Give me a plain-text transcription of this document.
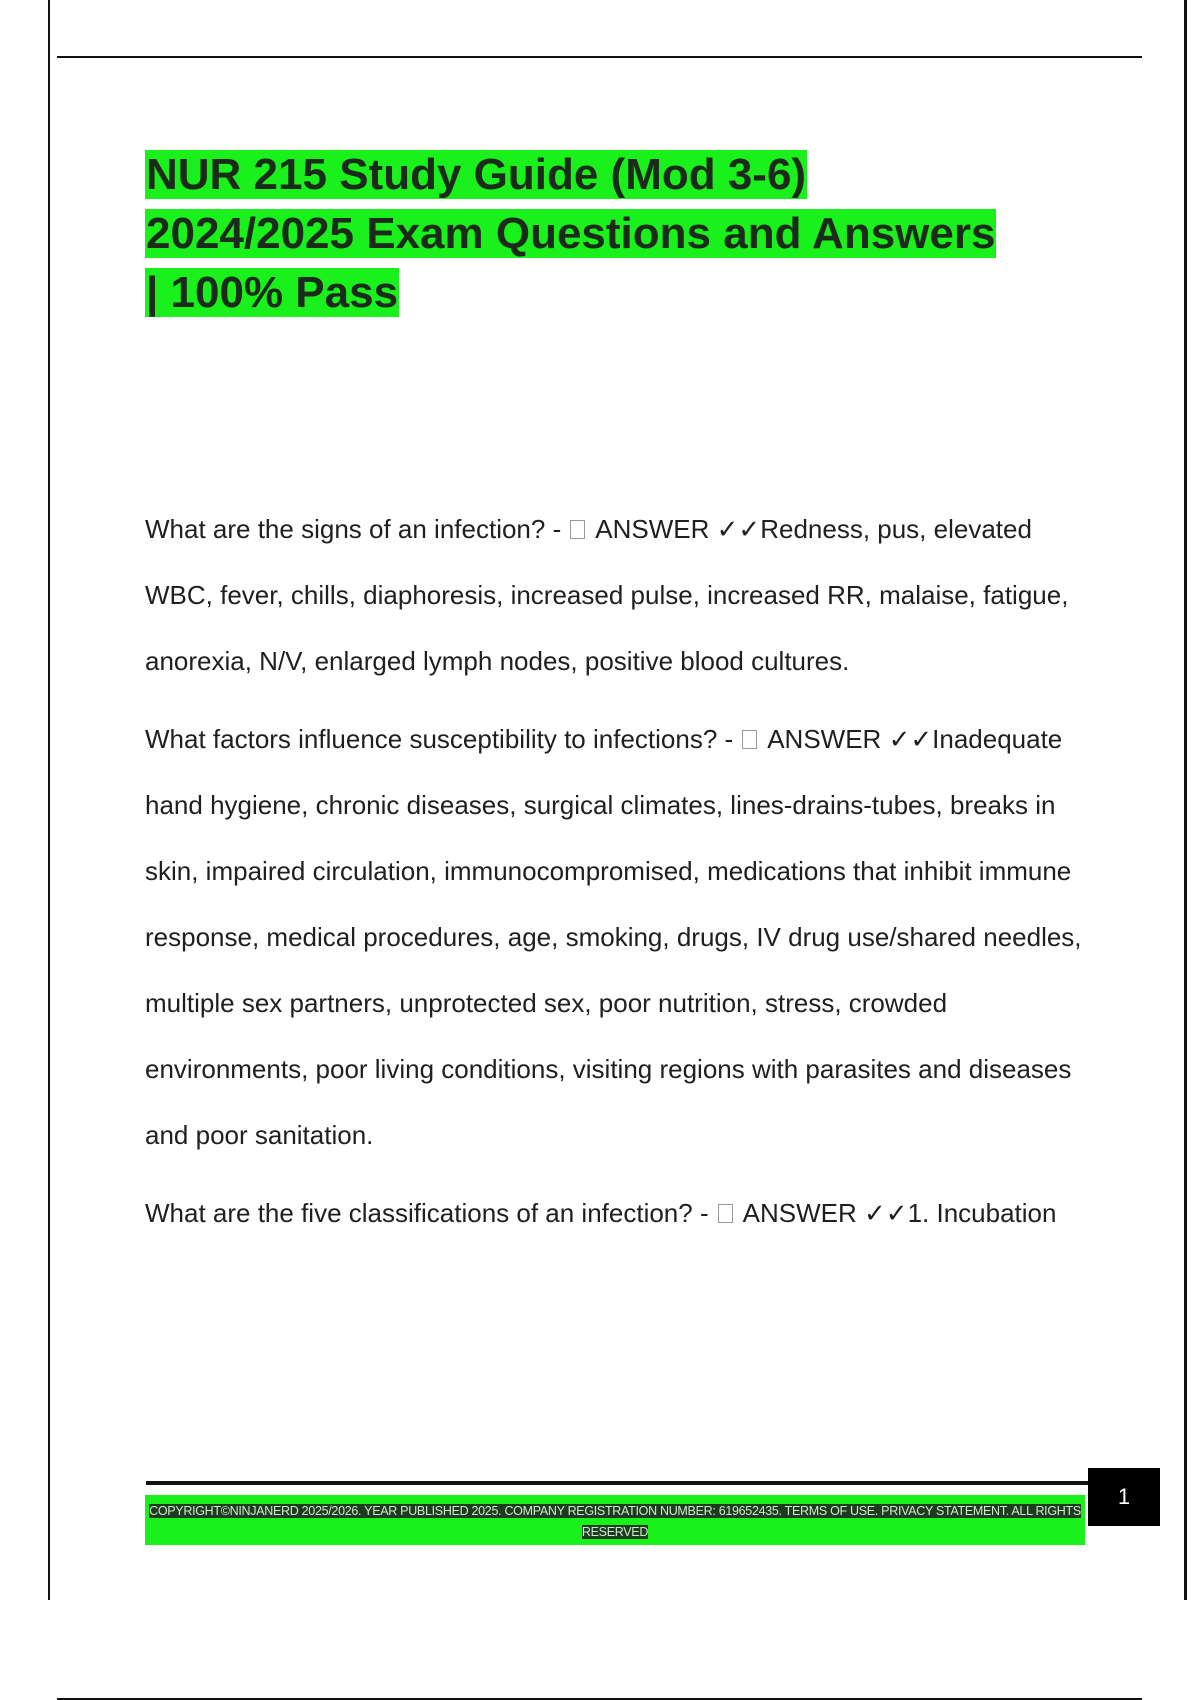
NUR 215 Study Guide (Mod 3-6)
2024/2025 Exam Questions and Answers
| 100% Pass

What are the signs of an infection? - ANSWER ✓✓Redness, pus, elevated WBC, fever, chills, diaphoresis, increased pulse, increased RR, malaise, fatigue, anorexia, N/V, enlarged lymph nodes, positive blood cultures.

What factors influence susceptibility to infections? - ANSWER ✓✓Inadequate hand hygiene, chronic diseases, surgical climates, lines-drains-tubes, breaks in skin, impaired circulation, immunocompromised, medications that inhibit immune response, medical procedures, age, smoking, drugs, IV drug use/shared needles, multiple sex partners, unprotected sex, poor nutrition, stress, crowded environments, poor living conditions, visiting regions with parasites and diseases and poor sanitation.

What are the five classifications of an infection? - ANSWER ✓✓1. Incubation

COPYRIGHT©NINJANERD 2025/2026. YEAR PUBLISHED 2025. COMPANY REGISTRATION NUMBER: 619652435. TERMS OF USE. PRIVACY STATEMENT. ALL RIGHTS RESERVED
1
